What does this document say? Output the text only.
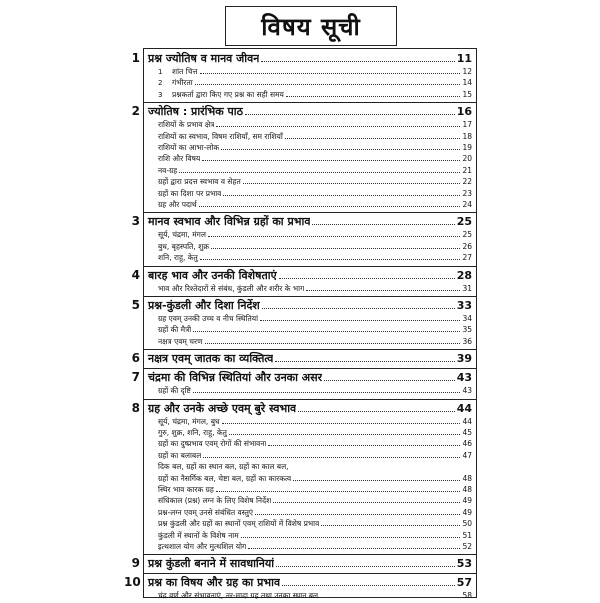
विषय सूची
1 प्रश्न ज्योतिष व मानव जीवन	11
1 शांत चित्त	12
2 गंभीरता	14
3 प्रश्नकर्ता द्वारा किए गए प्रश्न का सही समय	15
2 ज्योतिष : प्रारंभिक पाठ	16
राशियों के प्रभाव क्षेत्र	17
राशियों का स्वभाव, विषम राशियाँ, सम राशियाँ	18
राशियों का आभा-लोक	19
राशि और विषय	20
नव-ग्रह	21
ग्रहों द्वारा प्रदत्त स्वभाव व सेहत	22
ग्रहों का दिशा पर प्रभाव	23
ग्रह और पदार्थ	24
3 मानव स्वभाव और विभिन्न ग्रहों का प्रभाव	25
सूर्य, चंद्रमा, मंगल	25
बुध, बृहस्पति, शुक्र	26
शनि, राहु, केतु	27
4 बारह भाव और उनकी विशेषताएं	28
भाव और रिश्तेदारों से संबंध, कुंडली और शरीर के भाग	31
5 प्रश्न-कुंडली और दिशा निर्देश	33
ग्रह एवम् उनकी उच्च व नीच स्थितियां	34
ग्रहों की मैत्री	35
नक्षत्र एवम् चरण	36
6 नक्षत्र एवम् जातक का व्यक्तित्व	39
7 चंद्रमा की विभिन्न स्थितियां और उनका असर	43
ग्रहों की दृष्टि	43
8 ग्रह और उनके अच्छे एवम् बुरे स्वभाव	44
सूर्य, चंद्रमा, मंगल, बुध	44
गुरु, शुक्र, शनि, राहु, केतु	45
ग्रहों का दुष्प्रभाव एवम् रोगों की संभावना	46
ग्रहों का बलाबल	47
दिक बल, ग्रहों का स्थान बल, ग्रहों का काल बल,
ग्रहों का नैसर्गिक बल, चेष्टा बल, ग्रहों का कारकत्व	48
स्थिर भाव कारक ग्रह	48
संधिकाल (प्रश्न) लग्न के लिए विशेष निर्देश	49
प्रश्न-लग्न एवम् उनसे संबंधित वस्तुएं	49
प्रश्न कुंडली और ग्रहों का स्थानों एवम् राशियों में विशेष प्रभाव	50
कुंडली में स्थानों के विशेष नाम	51
इत्थशाल योग और मुत्थशिल योग	52
9 प्रश्न कुंडली बनाने में सावधानियां	53
10 प्रश्न का विषय और ग्रह का प्रभाव	57
चंद्र वर्ण और संभावनाएं, नर-मादा ग्रह तथा उनका स्थान बल	58
